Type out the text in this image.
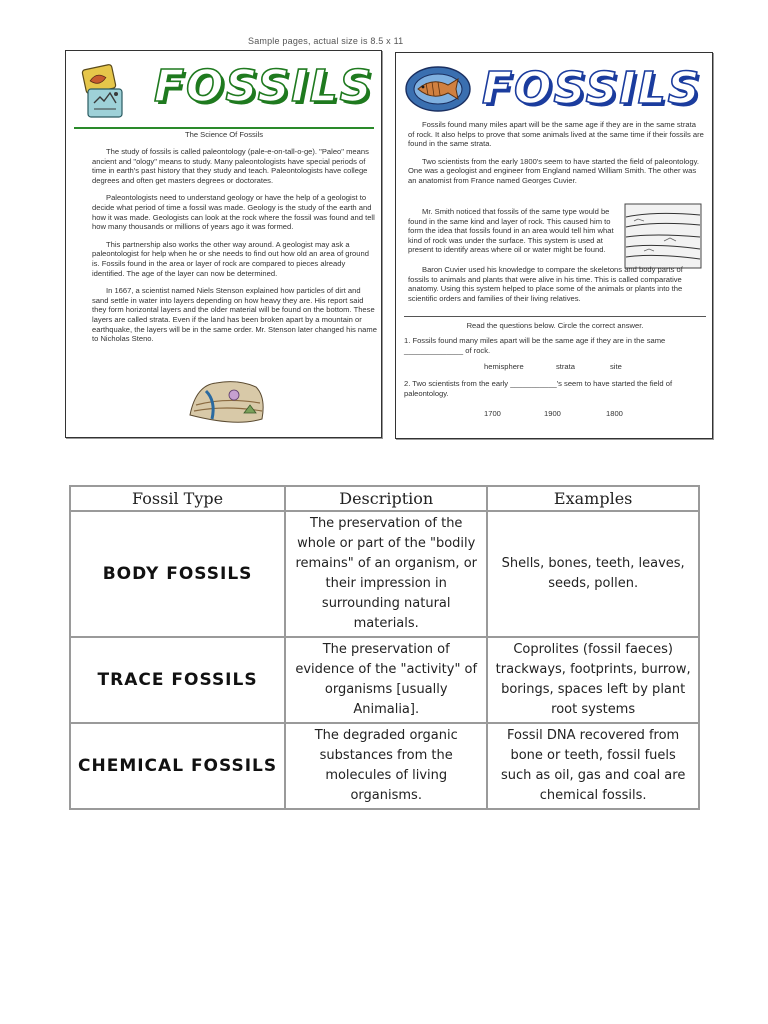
Sample pages, actual size is 8.5 x 11
FOSSILS
The Science Of Fossils

The study of fossils is called paleontology (pale-e-on-tall-o-ge). "Paleo" means ancient and "ology" means to study. Many paleontologists have special periods of time in earth's past history that they study and teach. Paleontologists have college degrees and often get masters degrees or doctorates.

Paleontologists need to understand geology or have the help of a geologist to decide what period of time a fossil was made. Geology is the study of the earth and how it was made. Geologists can look at the rock where the fossil was found and tell how many thousands or millions of years ago it was formed.

This partnership also works the other way around. A geologist may ask a paleontologist for help when he or she needs to find out how old an area of ground is. Fossils found in the area or layer of rock are compared to pieces already identified. The age of the layer can now be determined.

In 1667, a scientist named Niels Stenson explained how particles of dirt and sand settle in water into layers depending on how heavy they are. His report said they form horizontal layers and the older material will be found on the bottom. These layers are called strata. Even if the land has been broken apart by a mountain or earthquake, the layers will be in the same order. Mr. Stenson later changed his name to Nicholas Steno.

FOSSILS

Fossils found many miles apart will be the same age if they are in the same strata of rock. It also helps to prove that some animals lived at the same time if their fossils are found in the same strata.

Two scientists from the early 1800's seem to have started the field of paleontology. One was a geologist and engineer from England named William Smith. The other was an anatomist from France named Georges Cuvier.

Mr. Smith noticed that fossils of the same type would be found in the same kind and layer of rock. This caused him to form the idea that fossils found in an area would tell him what kind of rock was under the surface. This system is used at present to identify areas where oil or water might be found.

Baron Cuvier used his knowledge to compare the skeletons and body parts of fossils to animals and plants that were alive in his time. This is called comparative anatomy. Using this system helped to place some of the animals or plants into the scientific orders and families of their living relatives.

Read the questions below. Circle the correct answer.
1. Fossils found many miles apart will be the same age if they are in the same ______________ of rock.
hemisphere	strata	site
2. Two scientists from the early ___________'s seem to have started the field of paleontology.
1700	1900	1800
Fossil Type	Description	Examples
BODY FOSSILS	The preservation of the whole or part of the "bodily remains" of an organism, or their impression in surrounding natural materials.	Shells, bones, teeth, leaves, seeds, pollen.
TRACE FOSSILS	The preservation of evidence of the "activity" of organisms [usually Animalia].	Coprolites (fossil faeces) trackways, footprints, burrow, borings, spaces left by plant root systems
CHEMICAL FOSSILS	The degraded organic substances from the molecules of living organisms.	Fossil DNA recovered from bone or teeth, fossil fuels such as oil, gas and coal are chemical fossils.
